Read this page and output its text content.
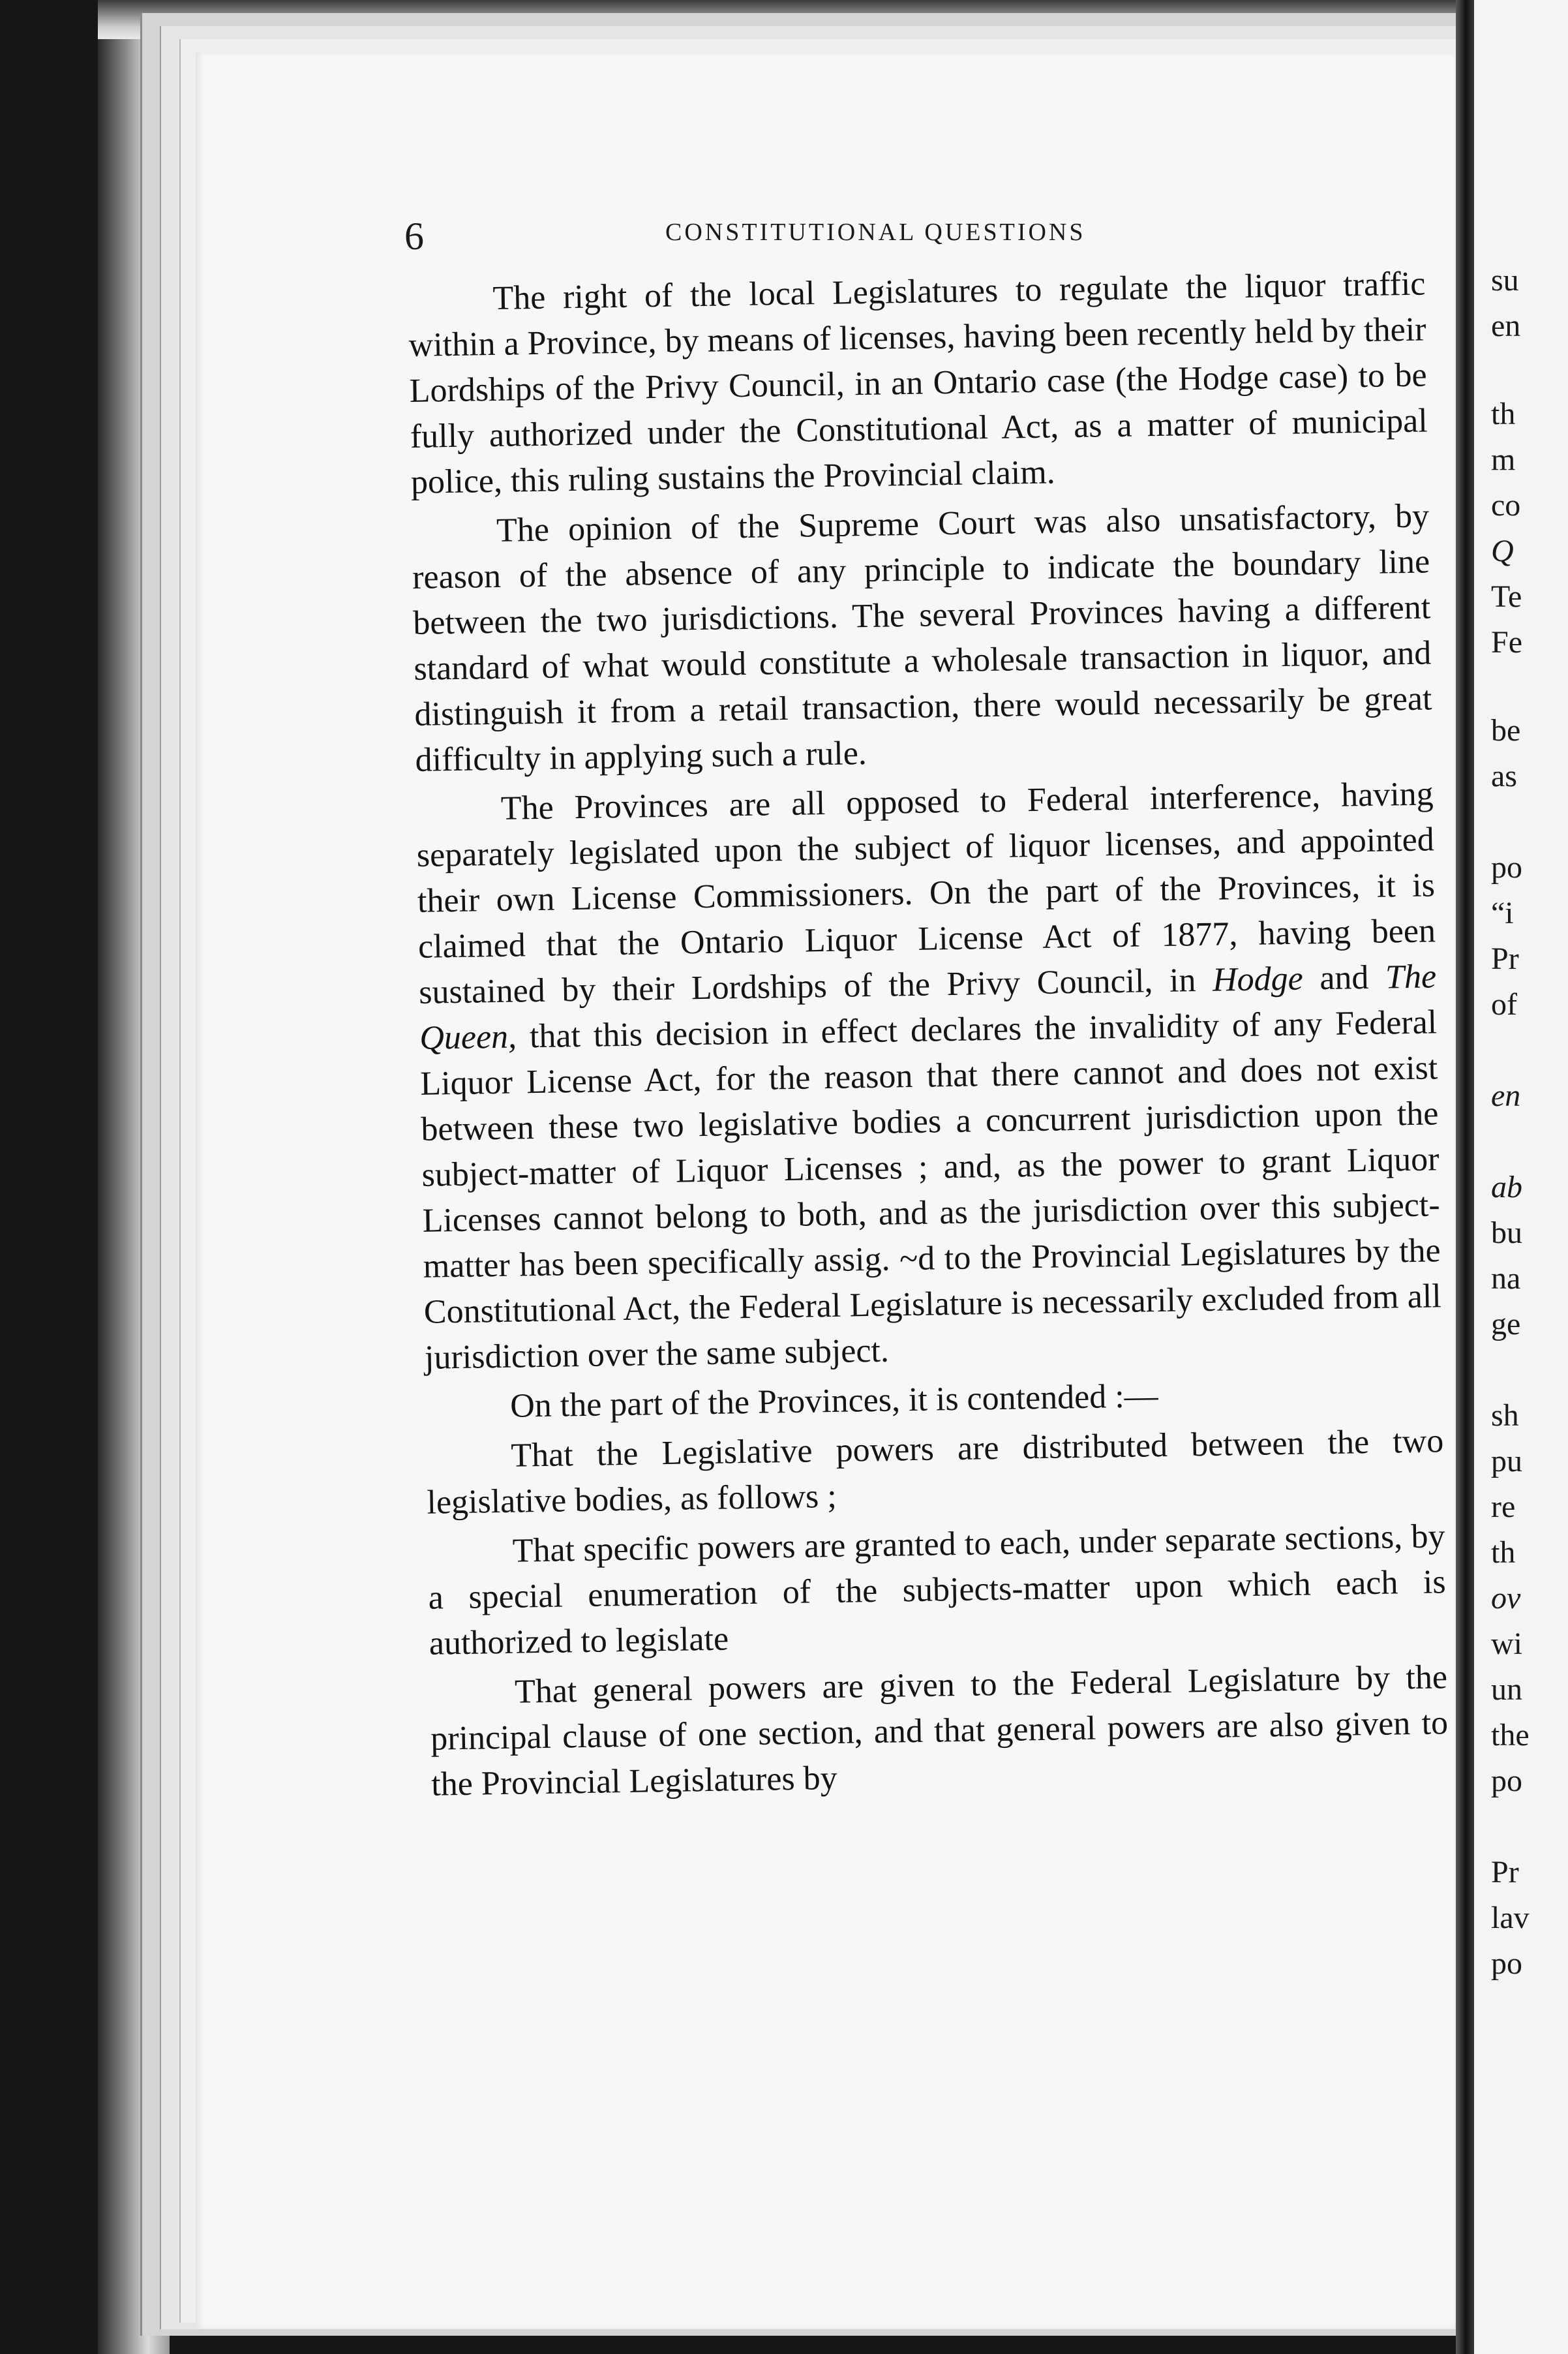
6	CONSTITUTIONAL QUESTIONS

The right of the local Legislatures to regulate the liquor traffic within a Province, by means of licenses, having been recently held by their Lordships of the Privy Council, in an Ontario case (the Hodge case) to be fully authorized under the Constitutional Act, as a matter of municipal police, this ruling sustains the Provincial claim.

The opinion of the Supreme Court was also unsatisfactory, by reason of the absence of any principle to indicate the boundary line between the two jurisdictions. The several Provinces having a different standard of what would constitute a wholesale transaction in liquor, and distinguish it from a retail transaction, there would necessarily be great difficulty in applying such a rule.

The Provinces are all opposed to Federal interference, having separately legislated upon the subject of liquor licenses, and appointed their own License Commissioners. On the part of the Provinces, it is claimed that the Ontario Liquor License Act of 1877, having been sustained by their Lordships of the Privy Council, in Hodge and The Queen, that this decision in effect declares the invalidity of any Federal Liquor License Act, for the reason that there cannot and does not exist between these two legislative bodies a concurrent jurisdiction upon the subject-matter of Liquor Licenses ; and, as the power to grant Liquor Licenses cannot belong to both, and as the jurisdiction over this subject-matter has been specifically assig. ~d to the Provincial Legislatures by the Constitutional Act, the Federal Legislature is necessarily excluded from all jurisdiction over the same subject.

On the part of the Provinces, it is contended :—

That the Legislative powers are distributed between the two legislative bodies, as follows ;

That specific powers are granted to each, under separate sections, by a special enumeration of the subjects-matter upon which each is authorized to legislate

That general powers are given to the Federal Legislature by the principal clause of one section, and that general powers are also given to the Provincial Legislatures by

su
en
th
m
co
Q
Te
Fe
be
as
po
“i
Pr
of
en
ab
bu
na
ge
sh
pu
re
th
ov
wi
un
the
po
Pr
lav
po
